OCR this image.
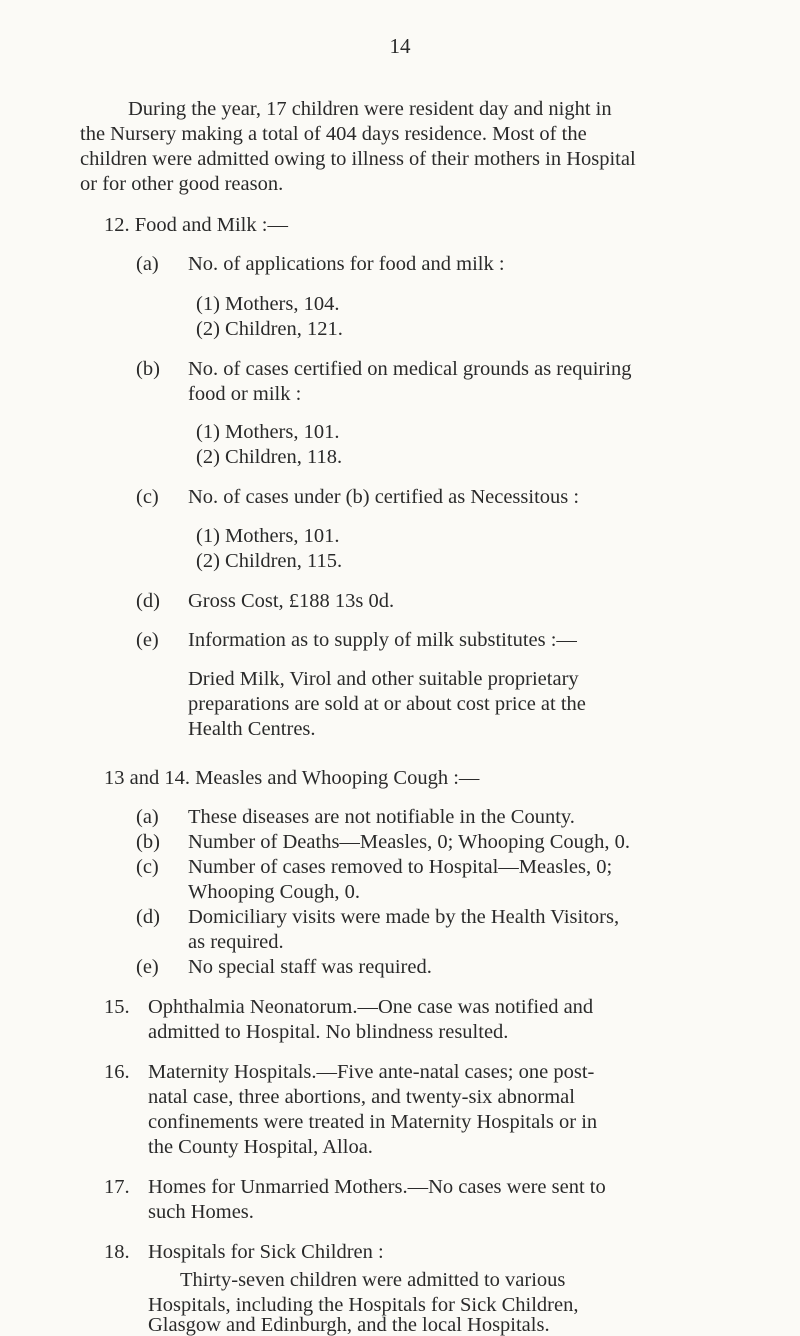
14
During the year, 17 children were resident day and night in
the Nursery making a total of 404 days residence. Most of the
children were admitted owing to illness of their mothers in Hospital
or for other good reason.
12. Food and Milk :—
(a) No. of applications for food and milk :
(1) Mothers, 104.
(2) Children, 121.
(b) No. of cases certified on medical grounds as requiring
food or milk :
(1) Mothers, 101.
(2) Children, 118.
(c) No. of cases under (b) certified as Necessitous :
(1) Mothers, 101.
(2) Children, 115.
(d) Gross Cost, £188 13s 0d.
(e) Information as to supply of milk substitutes :—
Dried Milk, Virol and other suitable proprietary
preparations are sold at or about cost price at the
Health Centres.
13 and 14. Measles and Whooping Cough :—
(a) These diseases are not notifiable in the County.
(b) Number of Deaths—Measles, 0; Whooping Cough, 0.
(c) Number of cases removed to Hospital—Measles, 0;
Whooping Cough, 0.
(d) Domiciliary visits were made by the Health Visitors,
as required.
(e) No special staff was required.
15. Ophthalmia Neonatorum.—One case was notified and
admitted to Hospital. No blindness resulted.
16. Maternity Hospitals.—Five ante-natal cases; one post-
natal case, three abortions, and twenty-six abnormal
confinements were treated in Maternity Hospitals or in
the County Hospital, Alloa.
17. Homes for Unmarried Mothers.—No cases were sent to
such Homes.
18. Hospitals for Sick Children :
Thirty-seven children were admitted to various
Hospitals, including the Hospitals for Sick Children,
Glasgow and Edinburgh, and the local Hospitals.
